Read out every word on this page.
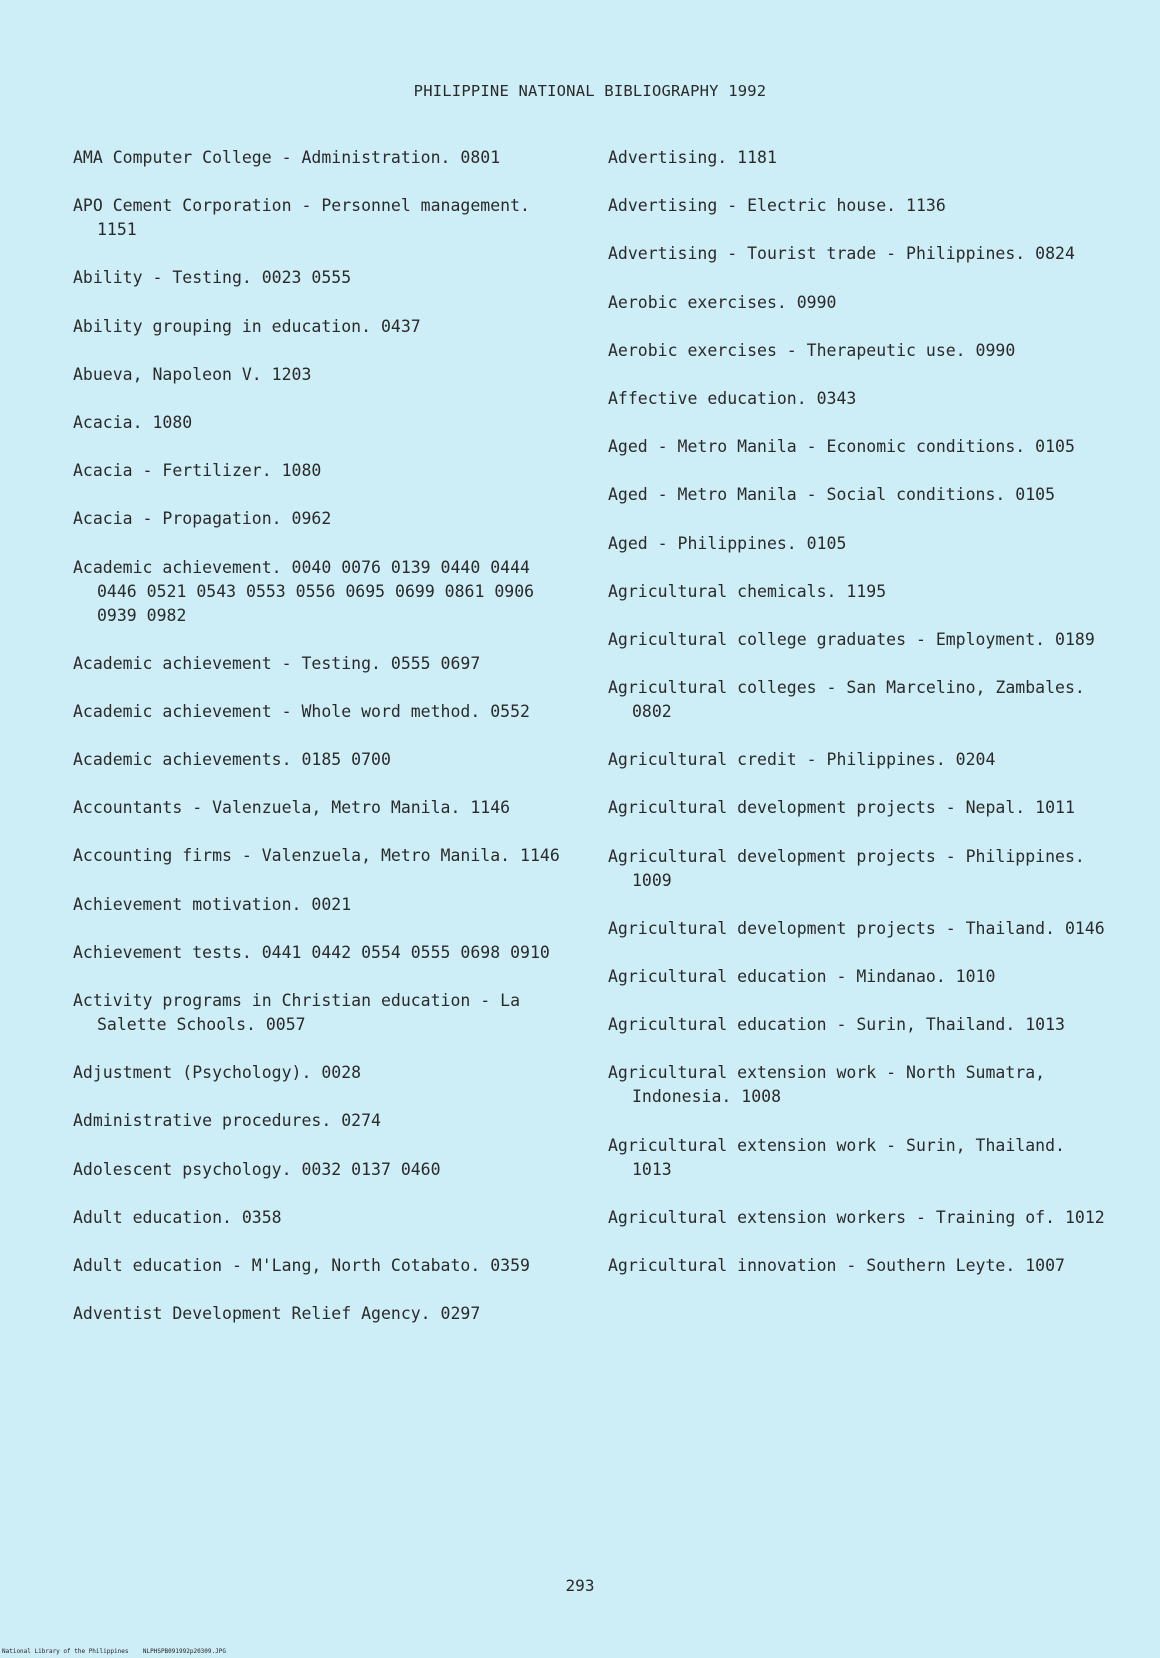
PHILIPPINE NATIONAL BIBLIOGRAPHY 1992
AMA Computer College - Administration. 0801
APO Cement Corporation - Personnel management. 1151
Ability - Testing. 0023 0555
Ability grouping in education. 0437
Abueva, Napoleon V. 1203
Acacia. 1080
Acacia - Fertilizer. 1080
Acacia - Propagation. 0962
Academic achievement. 0040 0076 0139 0440 0444 0446 0521 0543 0553 0556 0695 0699 0861 0906 0939 0982
Academic achievement - Testing. 0555 0697
Academic achievement - Whole word method. 0552
Academic achievements. 0185 0700
Accountants - Valenzuela, Metro Manila. 1146
Accounting firms - Valenzuela, Metro Manila. 1146
Achievement motivation. 0021
Achievement tests. 0441 0442 0554 0555 0698 0910
Activity programs in Christian education - La Salette Schools. 0057
Adjustment (Psychology). 0028
Administrative procedures. 0274
Adolescent psychology. 0032 0137 0460
Adult education. 0358
Adult education - M'Lang, North Cotabato. 0359
Adventist Development Relief Agency. 0297
Advertising. 1181
Advertising - Electric house. 1136
Advertising - Tourist trade - Philippines. 0824
Aerobic exercises. 0990
Aerobic exercises - Therapeutic use. 0990
Affective education. 0343
Aged - Metro Manila - Economic conditions. 0105
Aged - Metro Manila - Social conditions. 0105
Aged - Philippines. 0105
Agricultural chemicals. 1195
Agricultural college graduates - Employment. 0189
Agricultural colleges - San Marcelino, Zambales. 0802
Agricultural credit - Philippines. 0204
Agricultural development projects - Nepal. 1011
Agricultural development projects - Philippines. 1009
Agricultural development projects - Thailand. 0146
Agricultural education - Mindanao. 1010
Agricultural education - Surin, Thailand. 1013
Agricultural extension work - North Sumatra, Indonesia. 1008
Agricultural extension work - Surin, Thailand. 1013
Agricultural extension workers - Training of. 1012
Agricultural innovation - Southern Leyte. 1007
293
National Library of the Philippines    NLPHSPB091992p20309.JPG
